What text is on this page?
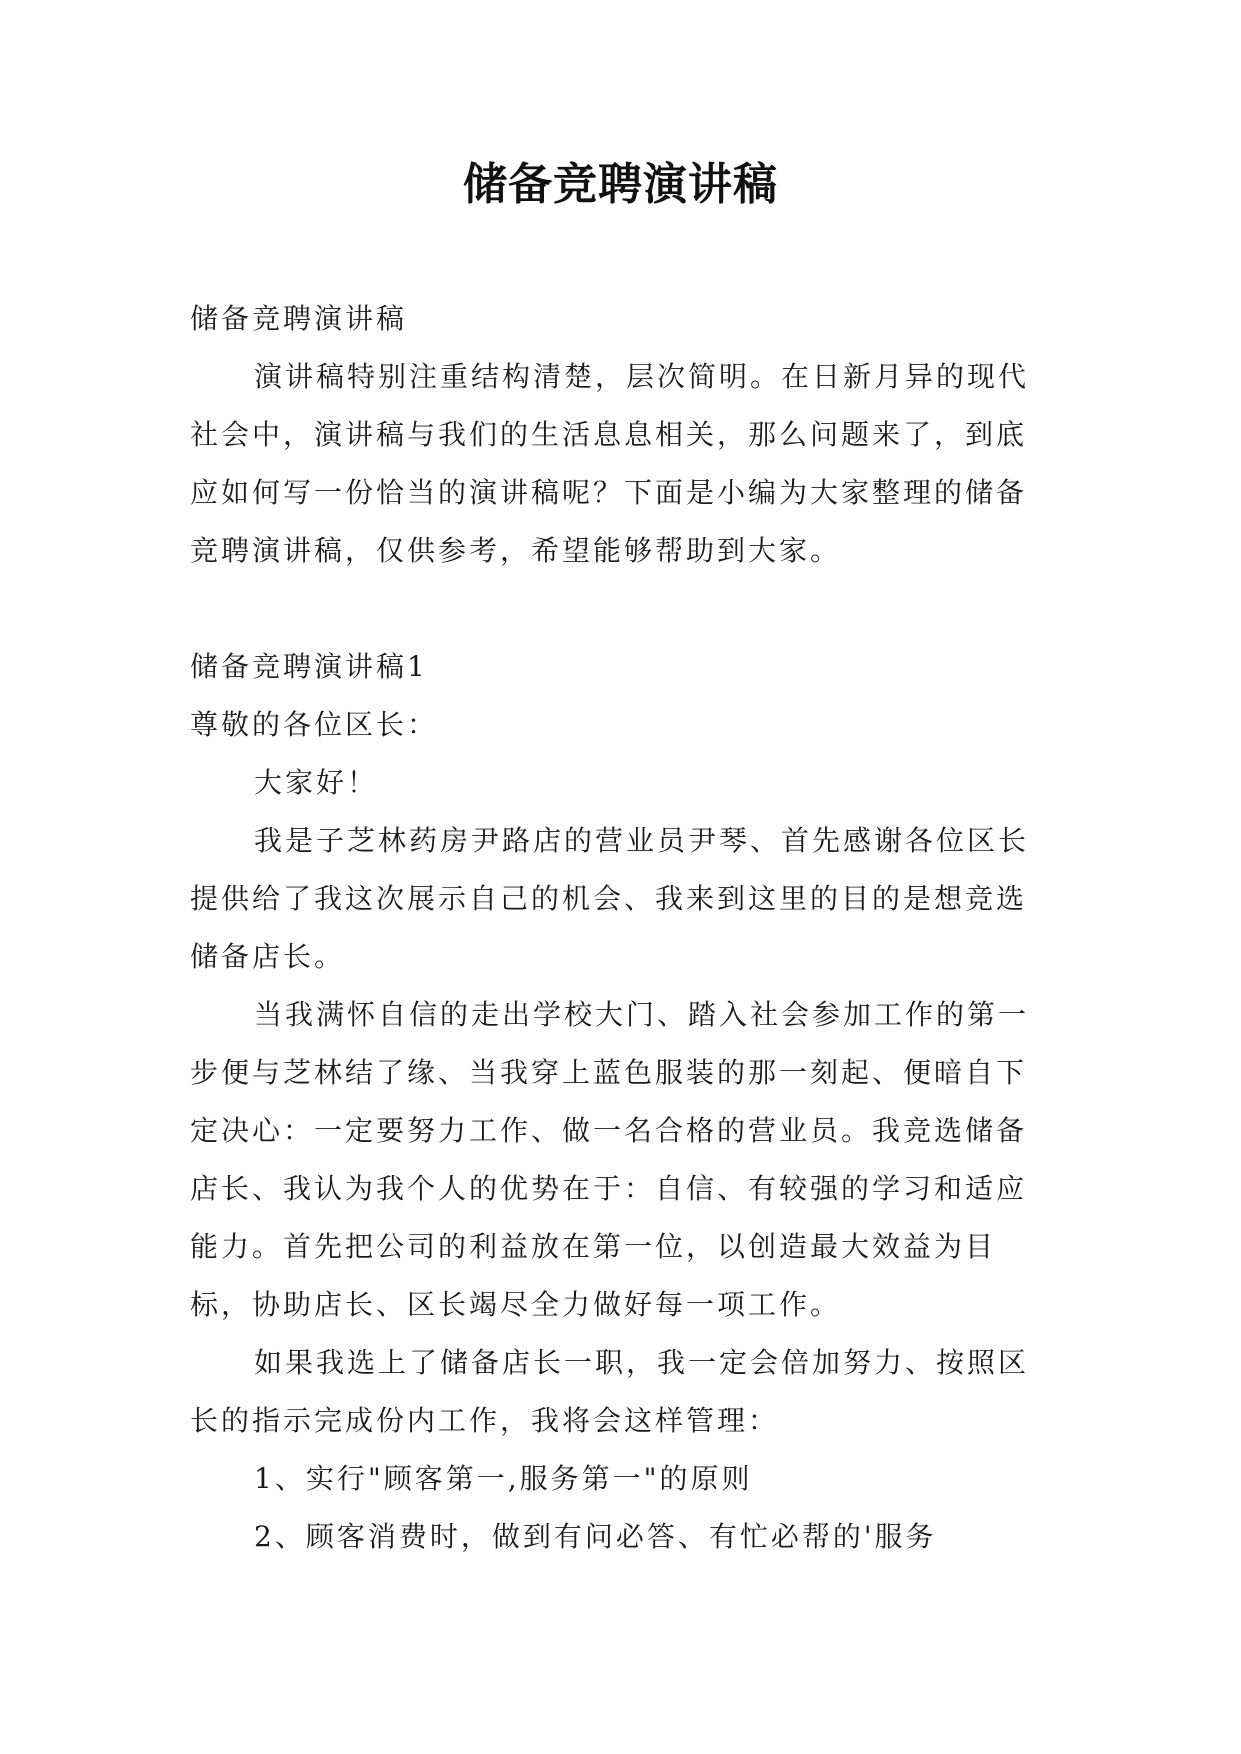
储备竞聘演讲稿

储备竞聘演讲稿

演讲稿特别注重结构清楚，层次简明。在日新月异的现代社会中，演讲稿与我们的生活息息相关，那么问题来了，到底应如何写一份恰当的演讲稿呢？下面是小编为大家整理的储备竞聘演讲稿，仅供参考，希望能够帮助到大家。

储备竞聘演讲稿1

尊敬的各位区长：

大家好！

我是子芝林药房尹路店的营业员尹琴、首先感谢各位区长提供给了我这次展示自己的机会、我来到这里的目的是想竞选储备店长。

当我满怀自信的走出学校大门、踏入社会参加工作的第一步便与芝林结了缘、当我穿上蓝色服装的那一刻起、便暗自下定决心：一定要努力工作、做一名合格的营业员。我竞选储备店长、我认为我个人的优势在于：自信、有较强的学习和适应能力。首先把公司的利益放在第一位，以创造最大效益为目标，协助店长、区长竭尽全力做好每一项工作。

如果我选上了储备店长一职，我一定会倍加努力、按照区长的指示完成份内工作，我将会这样管理：

1、实行"顾客第一,服务第一"的原则

2、顾客消费时，做到有问必答、有忙必帮的'服务
